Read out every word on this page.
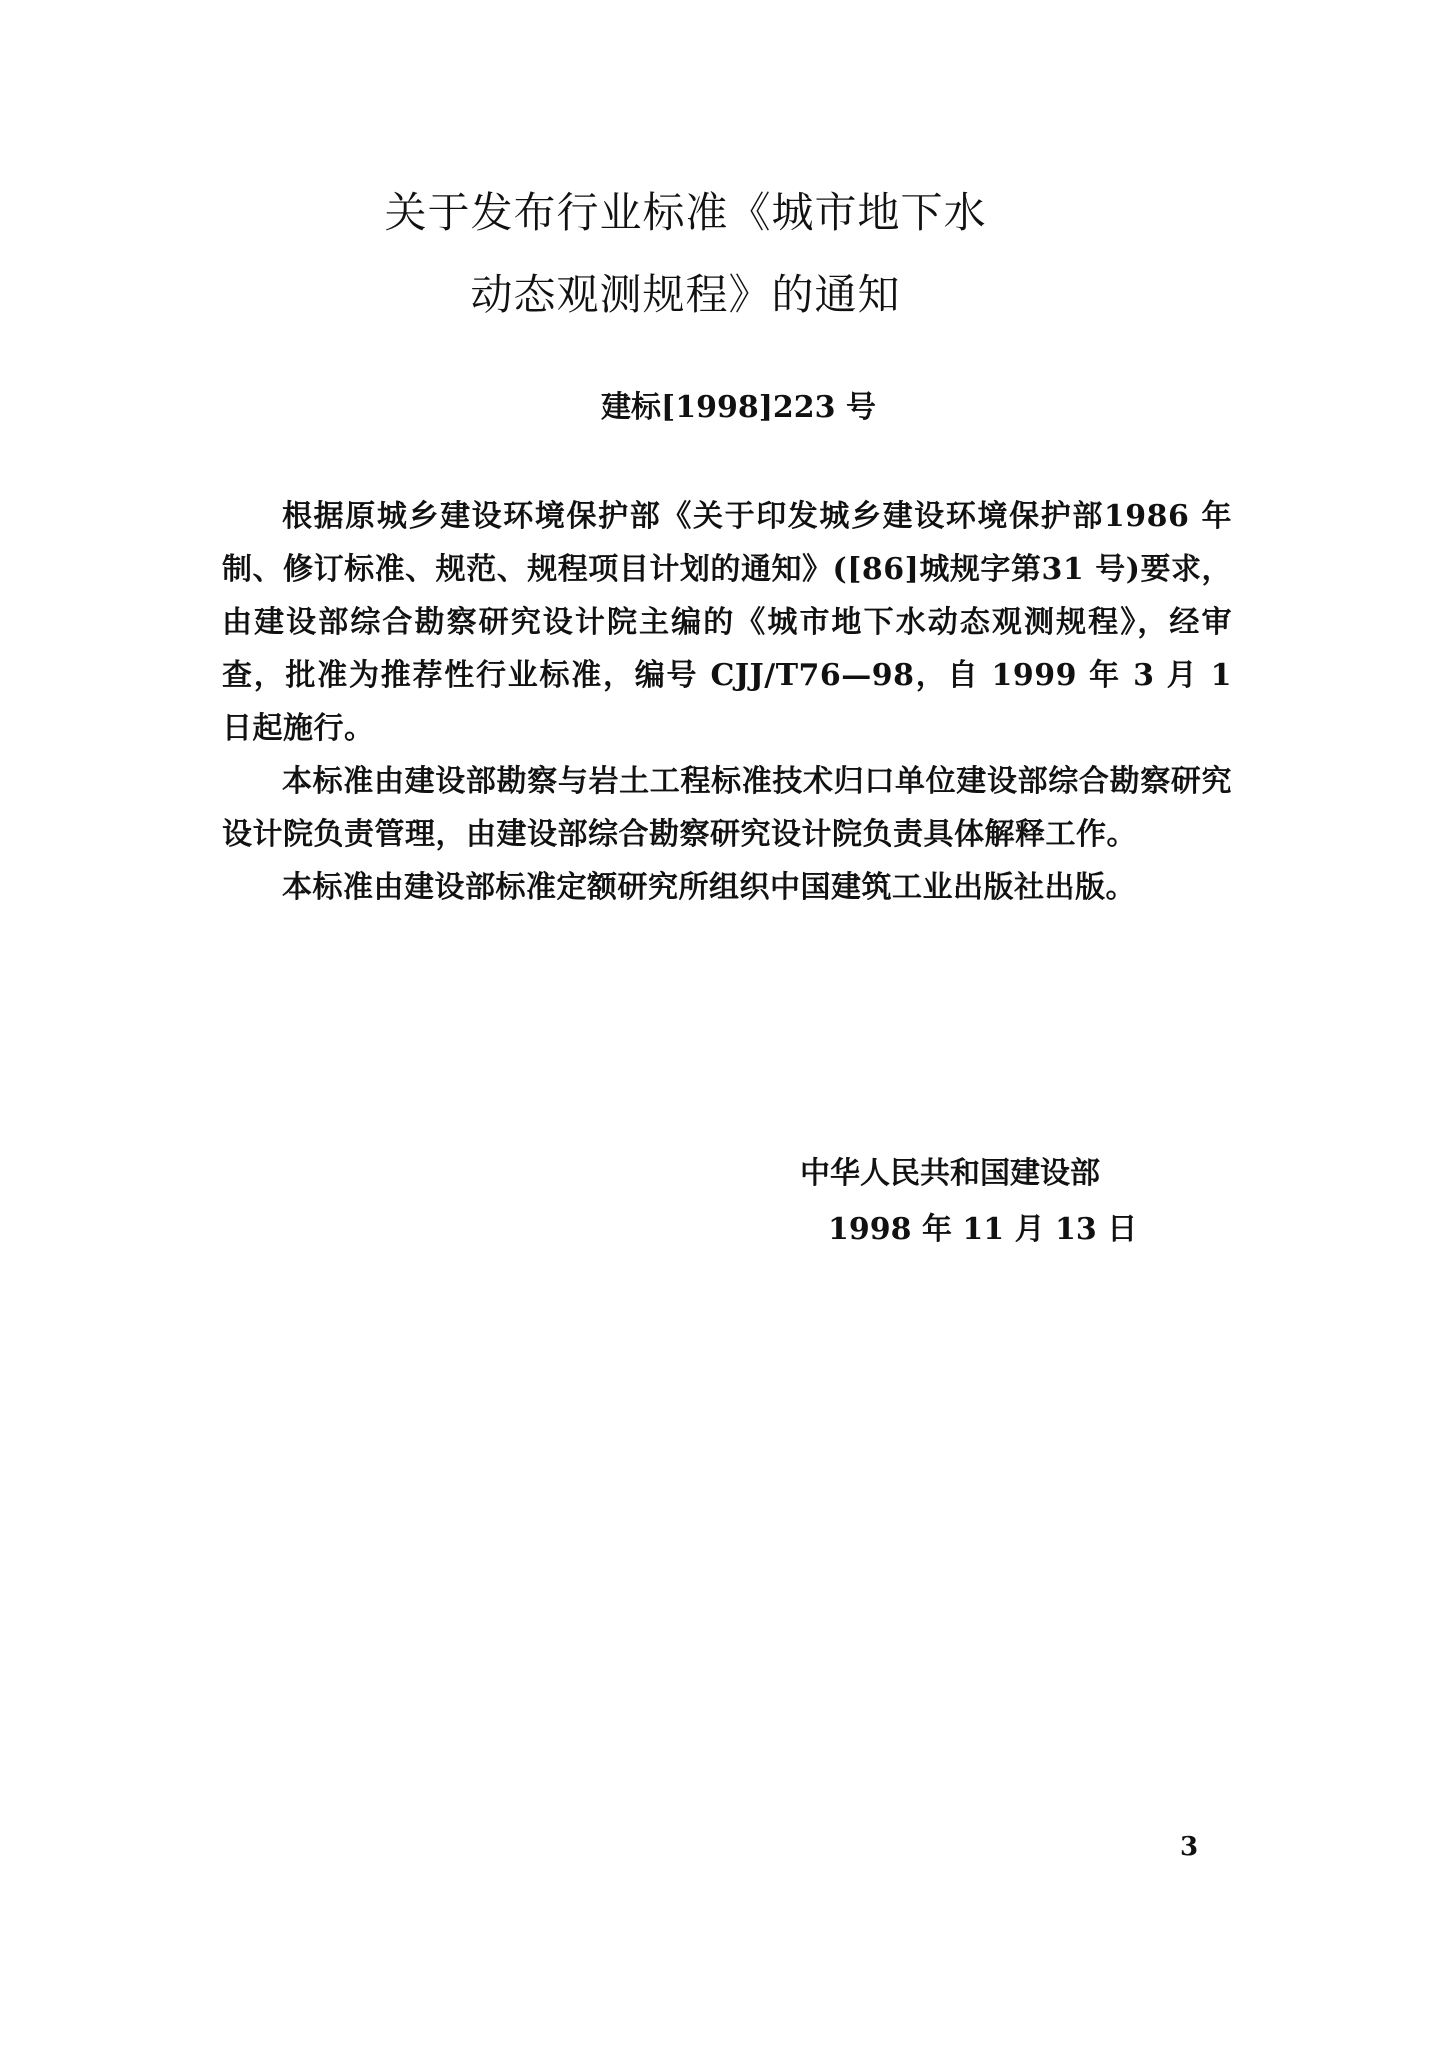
关于发布行业标准《城市地下水
动态观测规程》的通知
建标[1998]223 号

根据原城乡建设环境保护部《关于印发城乡建设环境保护部1986 年制、修订标准、规范、规程项目计划的通知》([86]城规字第31 号)要求，由建设部综合勘察研究设计院主编的《城市地下水动态观测规程》，经审查，批准为推荐性行业标准，编号 CJJ/T76—98，自 1999 年 3 月 1 日起施行。

本标准由建设部勘察与岩土工程标准技术归口单位建设部综合勘察研究设计院负责管理，由建设部综合勘察研究设计院负责具体解释工作。

本标准由建设部标准定额研究所组织中国建筑工业出版社出版。

中华人民共和国建设部

1998 年 11 月 13 日

3
